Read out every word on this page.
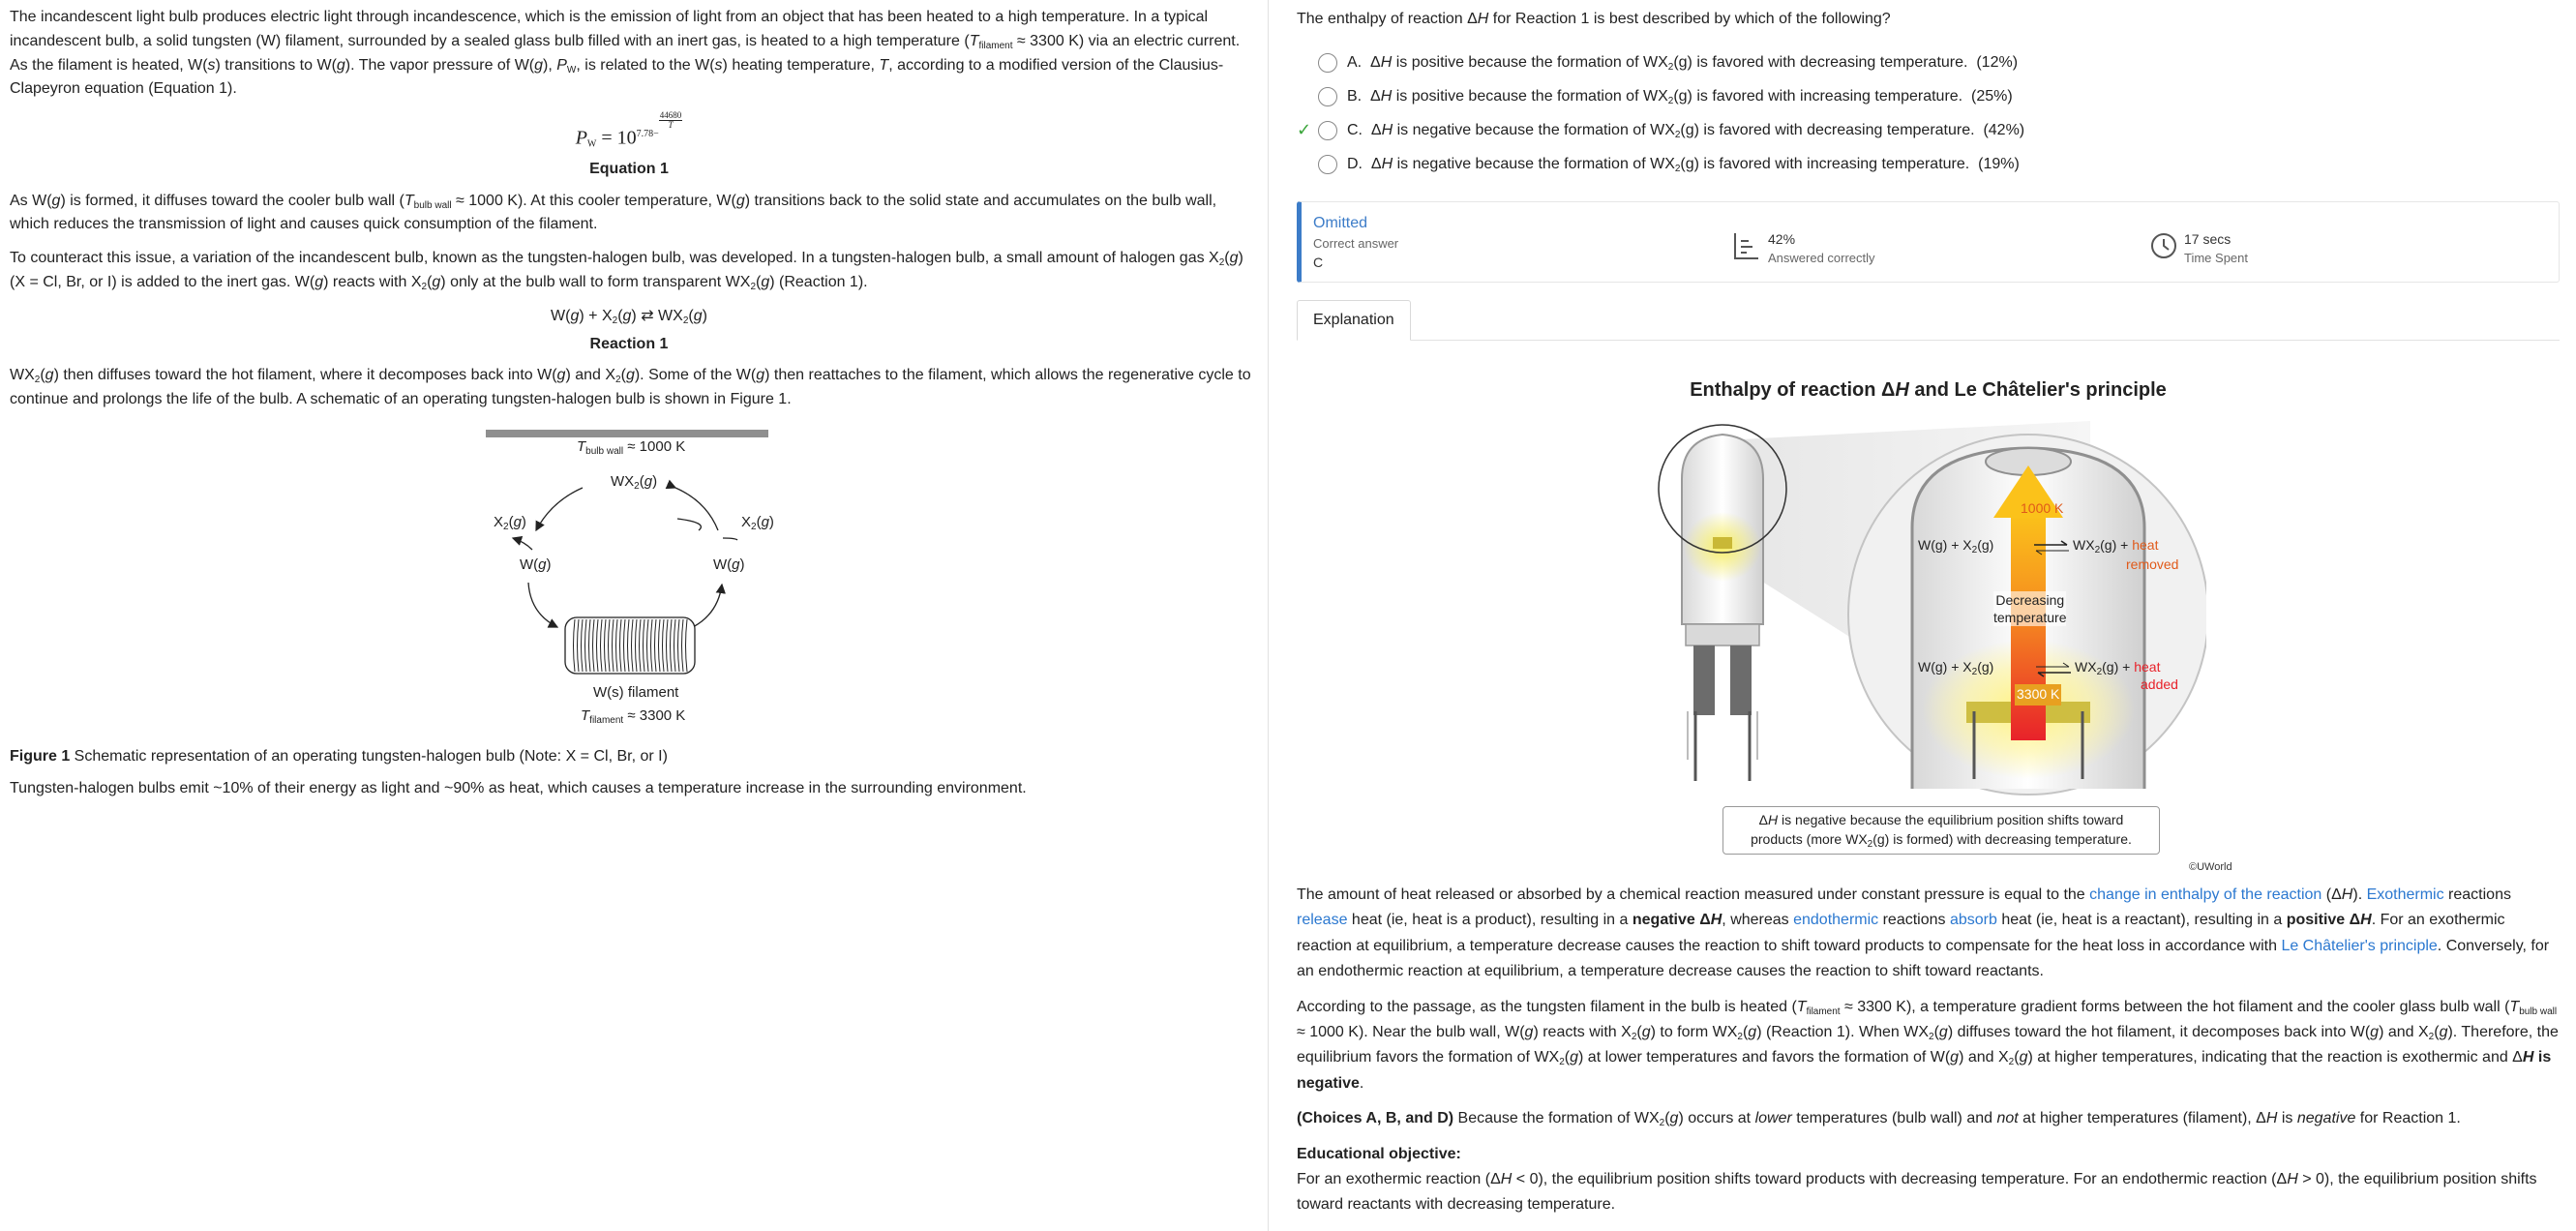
The incandescent light bulb produces electric light through incandescence, which is the emission of light from an object that has been heated to a high temperature. In a typical incandescent bulb, a solid tungsten (W) filament, surrounded by a sealed glass bulb filled with an inert gas, is heated to a high temperature ($T_{filament} \approx 3300$ K) via an electric current. As the filament is heated, W(s) transitions to W(g). The vapor pressure of W(g), $P_W$, is related to the W(s) heating temperature, T, according to a modified version of the Clausius-Clapeyron equation (Equation 1).

$P_W = 10^{7.78- \frac{44680}{T}}$
Equation 1

As W(g) is formed, it diffuses toward the cooler bulb wall ($T_{bulb wall} \approx 1000$ K). At this cooler temperature, W(g) transitions back to the solid state and accumulates on the bulb wall, which reduces the transmission of light and causes quick consumption of the filament.

To counteract this issue, a variation of the incandescent bulb, known as the tungsten-halogen bulb, was developed. In a tungsten-halogen bulb, a small amount of halogen gas $X_2(g) (X = Cl$, Br, or I) is added to the inert gas. W(g) reacts with $X_2(g)$ only at the bulb wall to form transparent $WX_2(g)$ (Reaction 1).

$W(g) + X_2(g)$ ⇄ $WX_2(g)$
Reaction 1

$WX_2(g)$ then diffuses toward the hot filament, where it decomposes back into W(g) and $X_2(g)$. Some of the W(g) then reattaches to the filament, which allows the regenerative cycle to continue and prolongs the life of the bulb. A schematic of an operating tungsten-halogen bulb is shown in Figure 1.

$T_{bulb wall} \approx 1000$ K
$WX_2(g)$
$X_2(g)$	$X_2(g)$
W(g)	W(g)
W(s) filament
$T_{filament} \approx 3300$ K

Figure 1 Schematic representation of an operating tungsten-halogen bulb (Note: X = Cl, Br, or I)

Tungsten-halogen bulbs emit ~10% of their energy as light and ~90% as heat, which causes a temperature increase in the surrounding environment.

The enthalpy of reaction ΔH for Reaction 1 is best described by which of the following?
A. ΔH is positive because the formation of $WX_2(g)$ is favored with decreasing temperature. (12%)
B. ΔH is positive because the formation of $WX_2(g)$ is favored with increasing temperature. (25%)
✓	C. ΔH is negative because the formation of $WX_2(g)$ is favored with decreasing temperature. (42%)
D. ΔH is negative because the formation of $WX_2(g)$ is favored with increasing temperature. (19%)
Omitted
Correct answer
C
42%
Answered correctly
17 secs
Time Spent
Explanation
Enthalpy of reaction ΔH and Le Châtelier's principle
1000 K
3300 K
Decreasing
temperature
$W(g) + X_2(g)$	$WX_2(g)$ + heat
removed
$W(g) + X_2(g)$	$WX_2(g)$ + heat
added
ΔH is negative because the equilibrium position shifts toward
products (more $WX_2(g)$ is formed) with decreasing temperature.
©UWorld

The amount of heat released or absorbed by a chemical reaction measured under constant pressure is equal to the change in enthalpy of the reaction (ΔH). Exothermic reactions release heat (ie, heat is a product), resulting in a negative ΔH, whereas endothermic reactions absorb heat (ie, heat is a reactant), resulting in a positive ΔH. For an exothermic reaction at equilibrium, a temperature decrease causes the reaction to shift toward products to compensate for the heat loss in accordance with Le Châtelier's principle. Conversely, for an endothermic reaction at equilibrium, a temperature decrease causes the reaction to shift toward reactants.

According to the passage, as the tungsten filament in the bulb is heated ($T_{filament} \approx 3300$ K), a temperature gradient forms between the hot filament and the cooler glass bulb wall ($T_{bulb wall} \approx 1000$ K). Near the bulb wall, W(g) reacts with $X_2(g)$ to form $WX_2(g)$ (Reaction 1). When $WX_2(g)$ diffuses toward the hot filament, it decomposes back into W(g) and $X_2(g)$. Therefore, the equilibrium favors the formation of $WX_2(g)$ at lower temperatures and favors the formation of W(g) and $X_2(g)$ at higher temperatures, indicating that the reaction is exothermic and ΔH is negative.

(Choices A, B, and D) Because the formation of $WX_2(g)$ occurs at lower temperatures (bulb wall) and not at higher temperatures (filament), ΔH is negative for Reaction 1.

Educational objective:

For an exothermic reaction (ΔH < 0), the equilibrium position shifts toward products with decreasing temperature. For an endothermic reaction (ΔH > 0), the equilibrium position shifts toward reactants with decreasing temperature.
